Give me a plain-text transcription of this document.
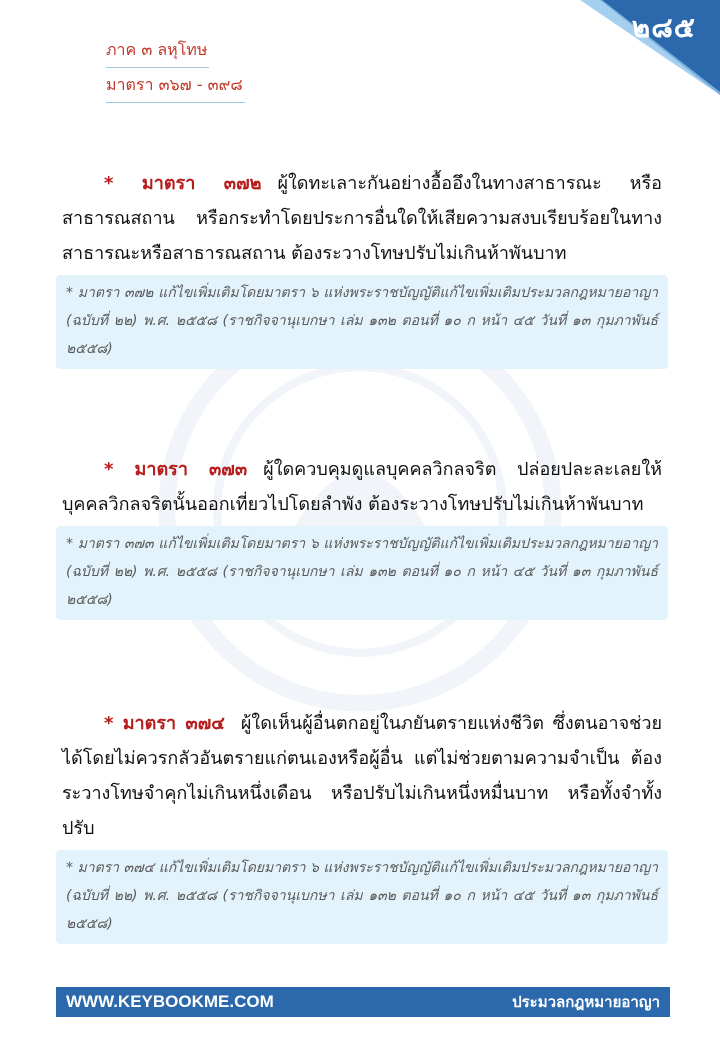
๒๘๕
ภาค ๓ ลหุโทษ
มาตรา ๓๖๗ - ๓๙๘
* มาตรา ๓๗๒ ผู้ใดทะเลาะกันอย่างอื้ออึงในทางสาธารณะ หรือสาธารณสถาน หรือกระทำโดยประการอื่นใดให้เสียความสงบเรียบร้อยในทางสาธารณะหรือสาธารณสถาน ต้องระวางโทษปรับไม่เกินห้าพันบาท
* มาตรา ๓๗๒ แก้ไขเพิ่มเติมโดยมาตรา ๖ แห่งพระราชบัญญัติแก้ไขเพิ่มเติมประมวลกฎหมายอาญา (ฉบับที่ ๒๒) พ.ศ. ๒๕๕๘ (ราชกิจจานุเบกษา เล่ม ๑๓๒ ตอนที่ ๑๐ ก หน้า ๔๕ วันที่ ๑๓ กุมภาพันธ์ ๒๕๕๘)
* มาตรา ๓๗๓ ผู้ใดควบคุมดูแลบุคคลวิกลจริต ปล่อยปละละเลยให้บุคคลวิกลจริตนั้นออกเที่ยวไปโดยลำพัง ต้องระวางโทษปรับไม่เกินห้าพันบาท
* มาตรา ๓๗๓ แก้ไขเพิ่มเติมโดยมาตรา ๖ แห่งพระราชบัญญัติแก้ไขเพิ่มเติมประมวลกฎหมายอาญา (ฉบับที่ ๒๒) พ.ศ. ๒๕๕๘ (ราชกิจจานุเบกษา เล่ม ๑๓๒ ตอนที่ ๑๐ ก หน้า ๔๕ วันที่ ๑๓ กุมภาพันธ์ ๒๕๕๘)
* มาตรา ๓๗๔ ผู้ใดเห็นผู้อื่นตกอยู่ในภยันตรายแห่งชีวิต ซึ่งตนอาจช่วยได้โดยไม่ควรกลัวอันตรายแก่ตนเองหรือผู้อื่น แต่ไม่ช่วยตามความจำเป็น ต้องระวางโทษจำคุกไม่เกินหนึ่งเดือน หรือปรับไม่เกินหนึ่งหมื่นบาท หรือทั้งจำทั้งปรับ
* มาตรา ๓๗๔ แก้ไขเพิ่มเติมโดยมาตรา ๖ แห่งพระราชบัญญัติแก้ไขเพิ่มเติมประมวลกฎหมายอาญา (ฉบับที่ ๒๒) พ.ศ. ๒๕๕๘ (ราชกิจจานุเบกษา เล่ม ๑๓๒ ตอนที่ ๑๐ ก หน้า ๔๕ วันที่ ๑๓ กุมภาพันธ์ ๒๕๕๘)
WWW.KEYBOOKME.COM	ประมวลกฎหมายอาญา
